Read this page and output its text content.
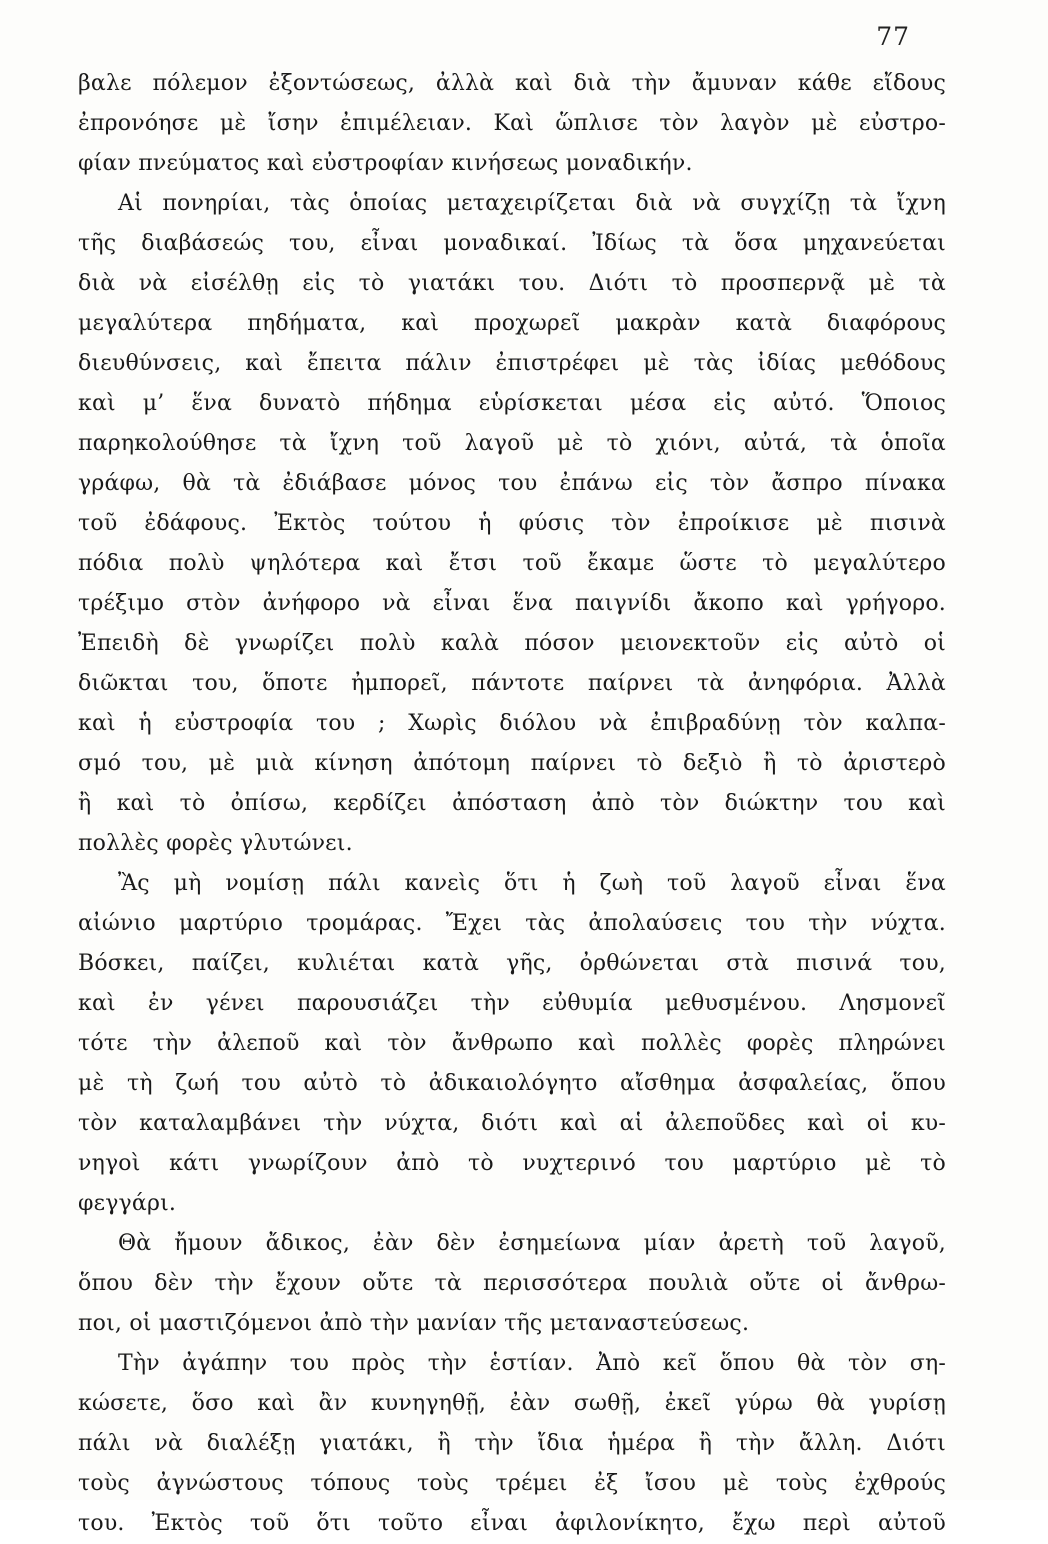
77
βαλε πόλεμον ἐξοντώσεως, ἀλλὰ καὶ διὰ τὴν ἄμυναν κάθε εἴδους
ἐπρονόησε μὲ ἴσην ἐπιμέλειαν. Καὶ ὥπλισε τὸν λαγὸν μὲ εὐστρο-
φίαν πνεύματος καὶ εὐστροφίαν κινήσεως μοναδικήν.
Αἱ πονηρίαι, τὰς ὁποίας μεταχειρίζεται διὰ νὰ συγχίζῃ τὰ ἴχνη
τῆς διαβάσεώς του, εἶναι μοναδικαί. Ἰδίως τὰ ὅσα μηχανεύεται
διὰ νὰ εἰσέλθῃ εἰς τὸ γιατάκι του. Διότι τὸ προσπερνᾷ μὲ τὰ
μεγαλύτερα πηδήματα, καὶ προχωρεῖ μακρὰν κατὰ διαφόρους
διευθύνσεις, καὶ ἔπειτα πάλιν ἐπιστρέφει μὲ τὰς ἰδίας μεθόδους
καὶ μ’ ἕνα δυνατὸ πήδημα εὑρίσκεται μέσα εἰς αὐτό. Ὅποιος
παρηκολούθησε τὰ ἴχνη τοῦ λαγοῦ μὲ τὸ χιόνι, αὐτά, τὰ ὁποῖα
γράφω, θὰ τὰ ἐδιάβασε μόνος του ἐπάνω εἰς τὸν ἄσπρο πίνακα
τοῦ ἐδάφους. Ἐκτὸς τούτου ἡ φύσις τὸν ἐπροίκισε μὲ πισινὰ
πόδια πολὺ ψηλότερα καὶ ἔτσι τοῦ ἔκαμε ὥστε τὸ μεγαλύτερο
τρέξιμο στὸν ἀνήφορο νὰ εἶναι ἕνα παιγνίδι ἄκοπο καὶ γρήγορο.
Ἐπειδὴ δὲ γνωρίζει πολὺ καλὰ πόσον μειονεκτοῦν εἰς αὐτὸ οἱ
διῶκται του, ὅποτε ἠμπορεῖ, πάντοτε παίρνει τὰ ἀνηφόρια. Ἀλλὰ
καὶ ἡ εὐστροφία του ; Χωρὶς διόλου νὰ ἐπιβραδύνῃ τὸν καλπα-
σμό του, μὲ μιὰ κίνηση ἀπότομη παίρνει τὸ δεξιὸ ἢ τὸ ἀριστερὸ
ἢ καὶ τὸ ὀπίσω, κερδίζει ἀπόσταση ἀπὸ τὸν διώκτην του καὶ
πολλὲς φορὲς γλυτώνει.
Ἂς μὴ νομίσῃ πάλι κανεὶς ὅτι ἡ ζωὴ τοῦ λαγοῦ εἶναι ἕνα
αἰώνιο μαρτύριο τρομάρας. Ἔχει τὰς ἀπολαύσεις του τὴν νύχτα.
Βόσκει, παίζει, κυλιέται κατὰ γῆς, ὀρθώνεται στὰ πισινά του,
καὶ ἐν γένει παρουσιάζει τὴν εὐθυμία μεθυσμένου. Λησμονεῖ
τότε τὴν ἀλεποῦ καὶ τὸν ἄνθρωπο καὶ πολλὲς φορὲς πληρώνει
μὲ τὴ ζωή του αὐτὸ τὸ ἀδικαιολόγητο αἴσθημα ἀσφαλείας, ὅπου
τὸν καταλαμβάνει τὴν νύχτα, διότι καὶ αἱ ἀλεποῦδες καὶ οἱ κυ-
νηγοὶ κάτι γνωρίζουν ἀπὸ τὸ νυχτερινό του μαρτύριο μὲ τὸ
φεγγάρι.
Θὰ ἤμουν ἄδικος, ἐὰν δὲν ἐσημείωνα μίαν ἀρετὴ τοῦ λαγοῦ,
ὅπου δὲν τὴν ἔχουν οὔτε τὰ περισσότερα πουλιὰ οὔτε οἱ ἄνθρω-
ποι, οἱ μαστιζόμενοι ἀπὸ τὴν μανίαν τῆς μεταναστεύσεως.
Τὴν ἀγάπην του πρὸς τὴν ἑστίαν. Ἀπὸ κεῖ ὅπου θὰ τὸν ση-
κώσετε, ὅσο καὶ ἂν κυνηγηθῇ, ἐὰν σωθῇ, ἐκεῖ γύρω θὰ γυρίσῃ
πάλι νὰ διαλέξῃ γιατάκι, ἢ τὴν ἴδια ἡμέρα ἢ τὴν ἄλλη. Διότι
τοὺς ἀγνώστους τόπους τοὺς τρέμει ἐξ ἴσου μὲ τοὺς ἐχθρούς
του. Ἐκτὸς τοῦ ὅτι τοῦτο εἶναι ἀφιλονίκητο, ἔχω περὶ αὐτοῦ
